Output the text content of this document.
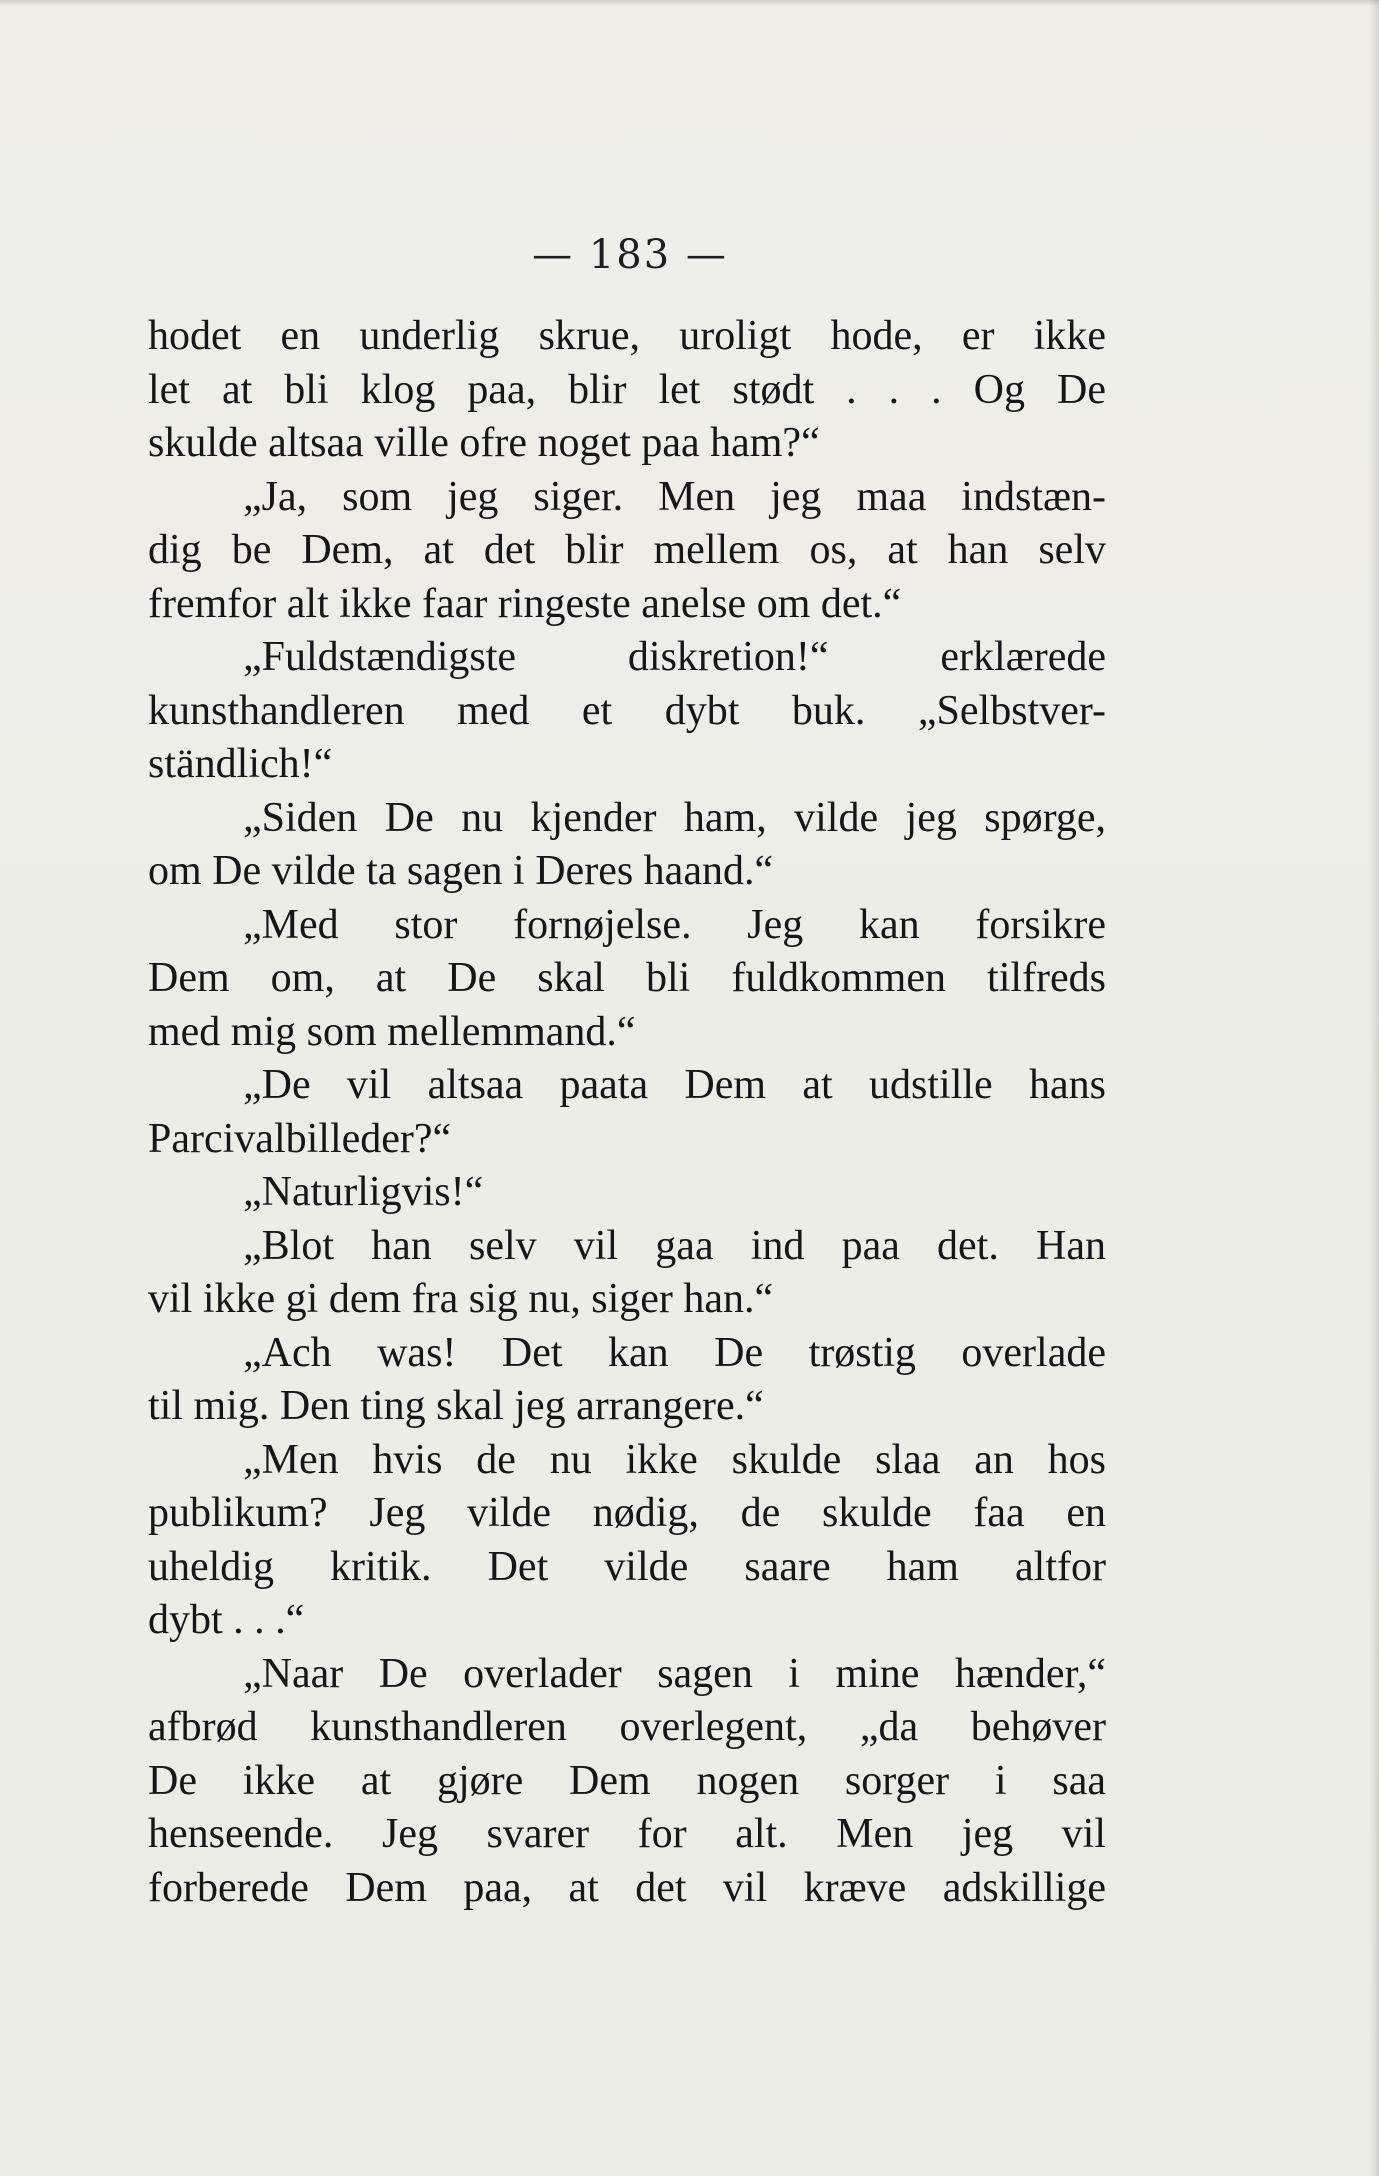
— 183 —
hodet en underlig skrue, uroligt hode, er ikke
let at bli klog paa, blir let stødt . . . Og De
skulde altsaa ville ofre noget paa ham?“
„Ja, som jeg siger. Men jeg maa indstæn-
dig be Dem, at det blir mellem os, at han selv
fremfor alt ikke faar ringeste anelse om det.“
„Fuldstændigste diskretion!“ erklærede
kunsthandleren med et dybt buk. „Selbstver-
ständlich!“
„Siden De nu kjender ham, vilde jeg spørge,
om De vilde ta sagen i Deres haand.“
„Med stor fornøjelse. Jeg kan forsikre
Dem om, at De skal bli fuldkommen tilfreds
med mig som mellemmand.“
„De vil altsaa paata Dem at udstille hans
Parcivalbilleder?“
„Naturligvis!“
„Blot han selv vil gaa ind paa det. Han
vil ikke gi dem fra sig nu, siger han.“
„Ach was! Det kan De trøstig overlade
til mig. Den ting skal jeg arrangere.“
„Men hvis de nu ikke skulde slaa an hos
publikum? Jeg vilde nødig, de skulde faa en
uheldig kritik. Det vilde saare ham altfor
dybt . . .“
„Naar De overlader sagen i mine hænder,“
afbrød kunsthandleren overlegent, „da behøver
De ikke at gjøre Dem nogen sorger i saa
henseende. Jeg svarer for alt. Men jeg vil
forberede Dem paa, at det vil kræve adskillige
